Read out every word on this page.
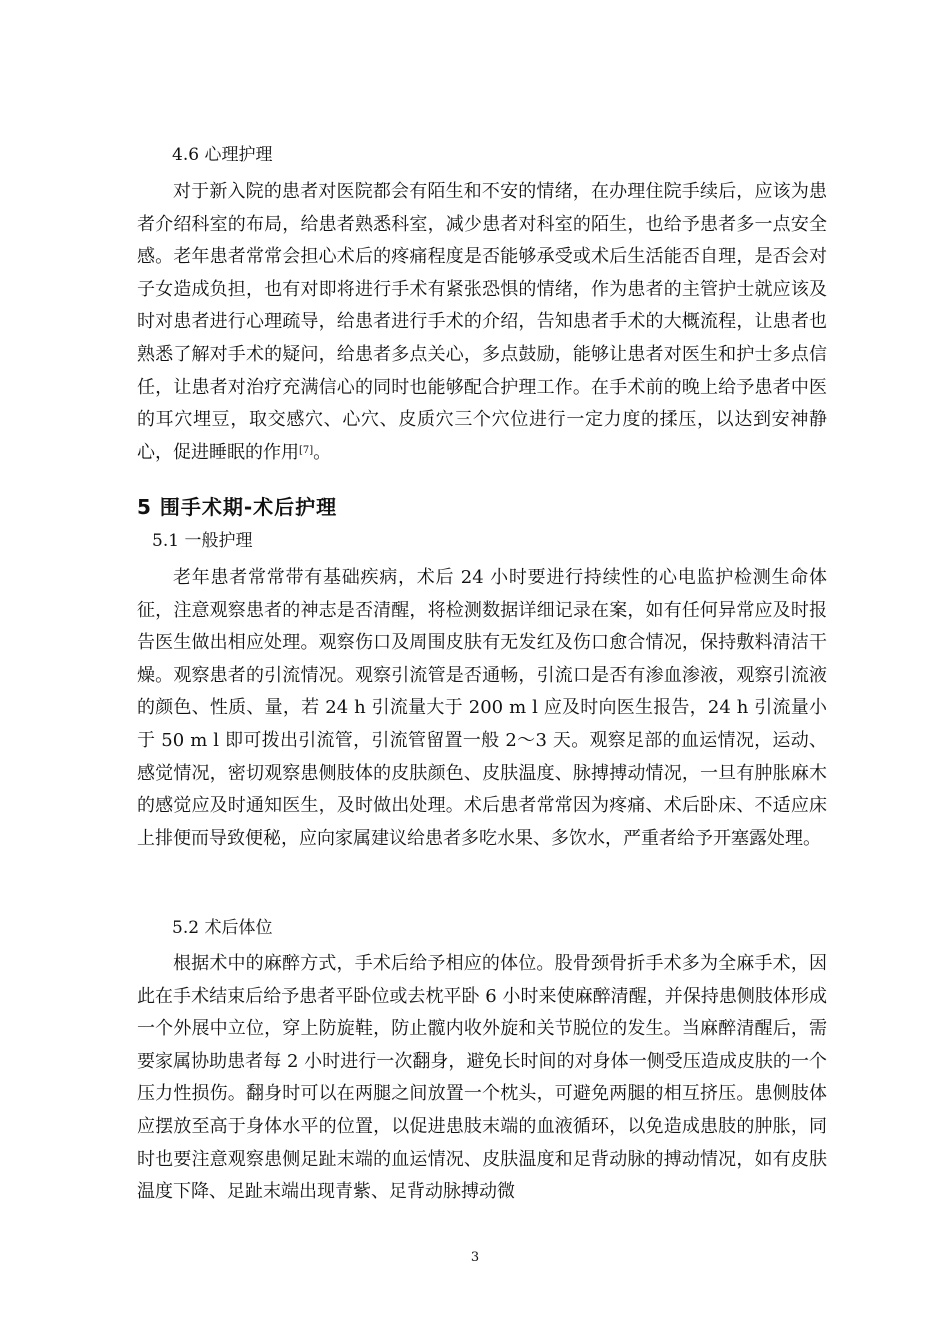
4.6 心理护理

对于新入院的患者对医院都会有陌生和不安的情绪，在办理住院手续后，应该为患者介绍科室的布局，给患者熟悉科室，减少患者对科室的陌生，也给予患者多一点安全感。老年患者常常会担心术后的疼痛程度是否能够承受或术后生活能否自理，是否会对子女造成负担，也有对即将进行手术有紧张恐惧的情绪，作为患者的主管护士就应该及时对患者进行心理疏导，给患者进行手术的介绍，告知患者手术的大概流程，让患者也熟悉了解对手术的疑问，给患者多点关心，多点鼓励，能够让患者对医生和护士多点信任，让患者对治疗充满信心的同时也能够配合护理工作。在手术前的晚上给予患者中医的耳穴埋豆，取交感穴、心穴、皮质穴三个穴位进行一定力度的揉压，以达到安神静心，促进睡眠的作用[7]。

5 围手术期-术后护理
5.1 一般护理

老年患者常常带有基础疾病，术后 24 小时要进行持续性的心电监护检测生命体征，注意观察患者的神志是否清醒，将检测数据详细记录在案，如有任何异常应及时报告医生做出相应处理。观察伤口及周围皮肤有无发红及伤口愈合情况，保持敷料清洁干燥。观察患者的引流情况。观察引流管是否通畅，引流口是否有渗血渗液，观察引流液的颜色、性质、量，若 24 h 引流量大于 200 m l 应及时向医生报告，24 h 引流量小于 50 m l 即可拨出引流管，引流管留置一般 2～3 天。观察足部的血运情况，运动、感觉情况，密切观察患侧肢体的皮肤颜色、皮肤温度、脉搏搏动情况，一旦有肿胀麻木的感觉应及时通知医生，及时做出处理。术后患者常常因为疼痛、术后卧床、不适应床上排便而导致便秘，应向家属建议给患者多吃水果、多饮水，严重者给予开塞露处理。

5.2 术后体位

根据术中的麻醉方式，手术后给予相应的体位。股骨颈骨折手术多为全麻手术，因此在手术结束后给予患者平卧位或去枕平卧 6 小时来使麻醉清醒，并保持患侧肢体形成一个外展中立位，穿上防旋鞋，防止髋内收外旋和关节脱位的发生。当麻醉清醒后，需要家属协助患者每 2 小时进行一次翻身，避免长时间的对身体一侧受压造成皮肤的一个压力性损伤。翻身时可以在两腿之间放置一个枕头，可避免两腿的相互挤压。患侧肢体应摆放至高于身体水平的位置，以促进患肢末端的血液循环，以免造成患肢的肿胀，同时也要注意观察患侧足趾末端的血运情况、皮肤温度和足背动脉的搏动情况，如有皮肤温度下降、足趾末端出现青紫、足背动脉搏动微

3
